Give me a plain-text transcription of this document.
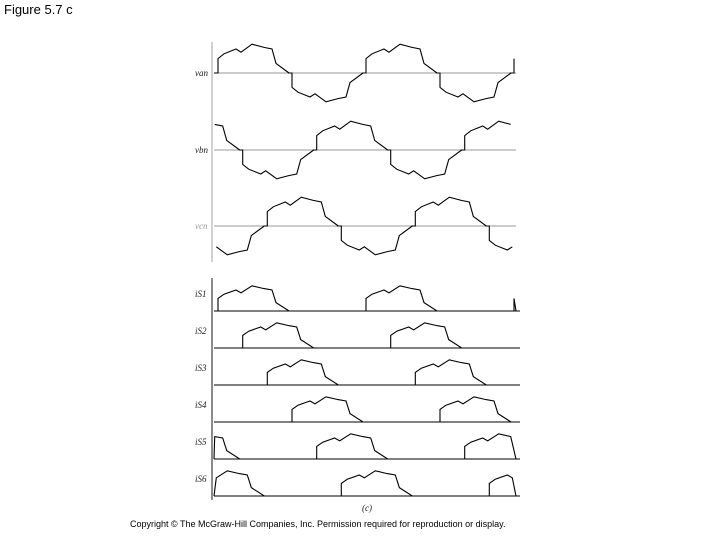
Figure 5.7 c
van
vbn
vcn
iS1
iS2
iS3
iS4
iS5
iS6
(c)
Copyright © The McGraw-Hill Companies, Inc. Permission required for reproduction or display.
